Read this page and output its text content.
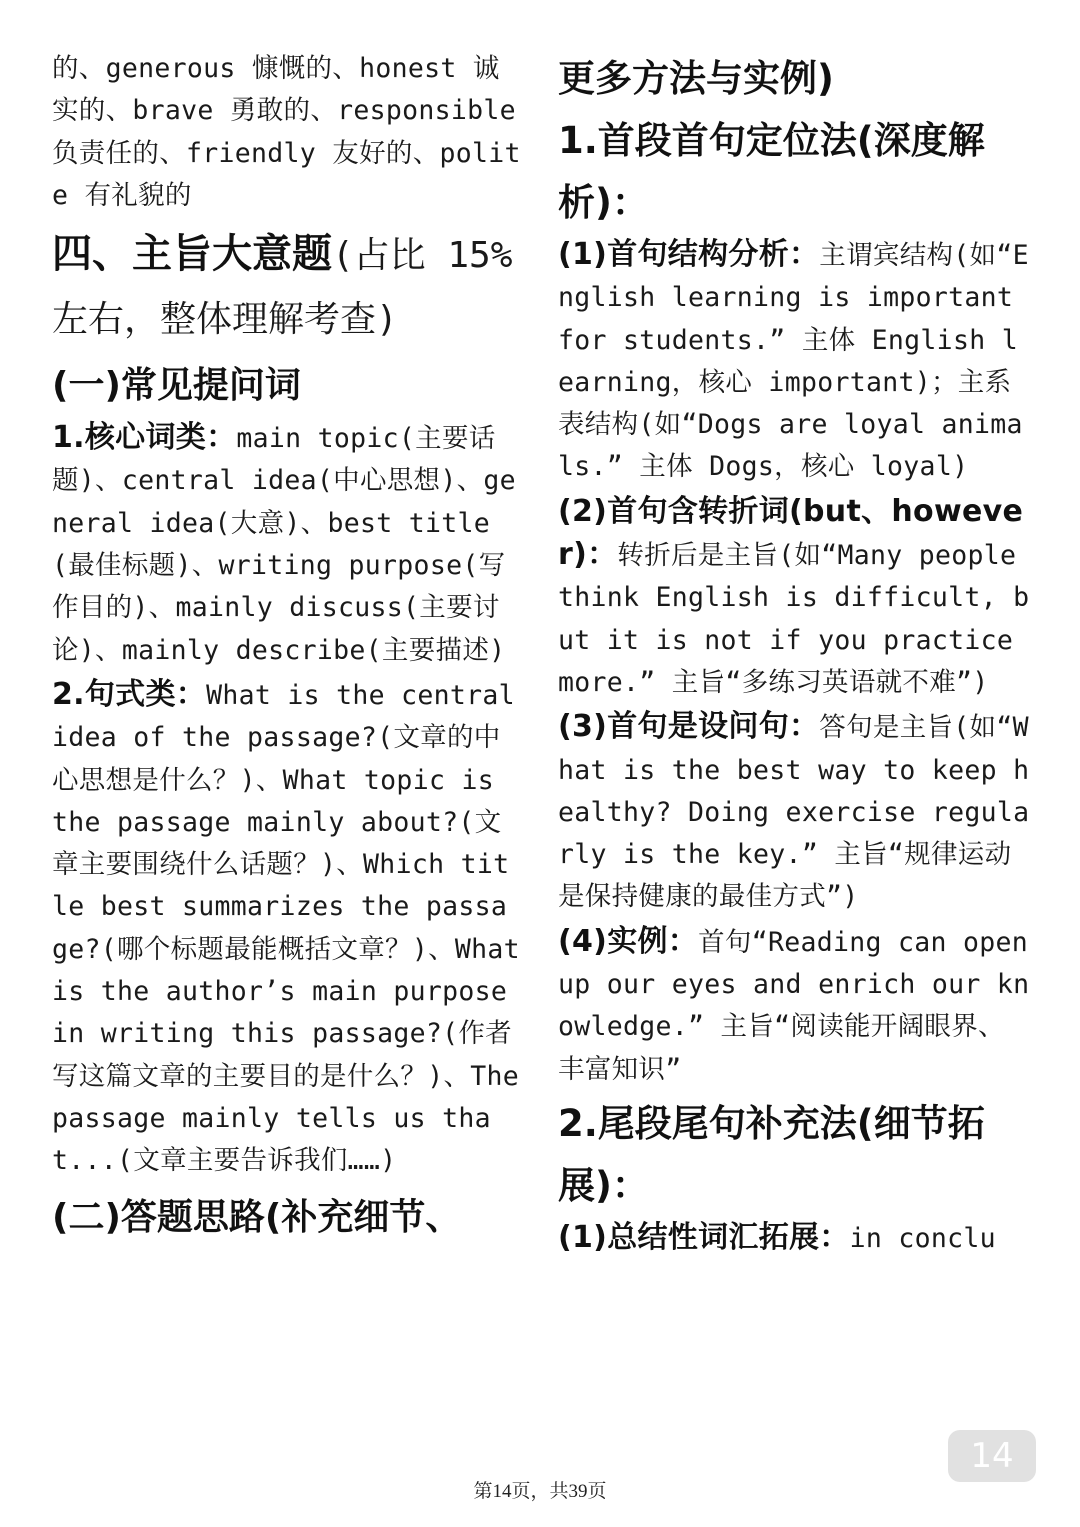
的、generous 慷慨的、honest 诚实的、brave 勇敢的、responsible 负责任的、friendly 友好的、polite 有礼貌的

四、主旨大意题(占比 15% 左右，整体理解考查)
(一)常见提问词

1.核心词类：main topic(主要话题)、central idea(中心思想)、general idea(大意)、best title(最佳标题)、writing purpose(写作目的)、mainly discuss(主要讨论)、mainly describe(主要描述)

2.句式类：What is the central idea of the passage?(文章的中心思想是什么？)、What topic is the passage mainly about?(文章主要围绕什么话题？)、Which title best summarizes the passage?(哪个标题最能概括文章？)、What is the author’s main purpose in writing this passage?(作者写这篇文章的主要目的是什么？)、The passage mainly tells us that...(文章主要告诉我们……)

(二)答题思路(补充细节、
更多方法与实例)
1.首段首句定位法(深度解析)：

(1)首句结构分析：主谓宾结构(如“English learning is important for students.” 主体 English learning，核心 important)；主系表结构(如“Dogs are loyal animals.” 主体 Dogs，核心 loyal)

(2)首句含转折词(but、however)：转折后是主旨(如“Many people think English is difficult, but it is not if you practice more.” 主旨“多练习英语就不难”)

(3)首句是设问句：答句是主旨(如“What is the best way to keep healthy? Doing exercise regularly is the key.” 主旨“规律运动是保持健康的最佳方式”)

(4)实例：首句“Reading can open up our eyes and enrich our knowledge.” 主旨“阅读能开阔眼界、丰富知识”

2.尾段尾句补充法(细节拓展)：

(1)总结性词汇拓展：in conclu

14
第14页，共39页
